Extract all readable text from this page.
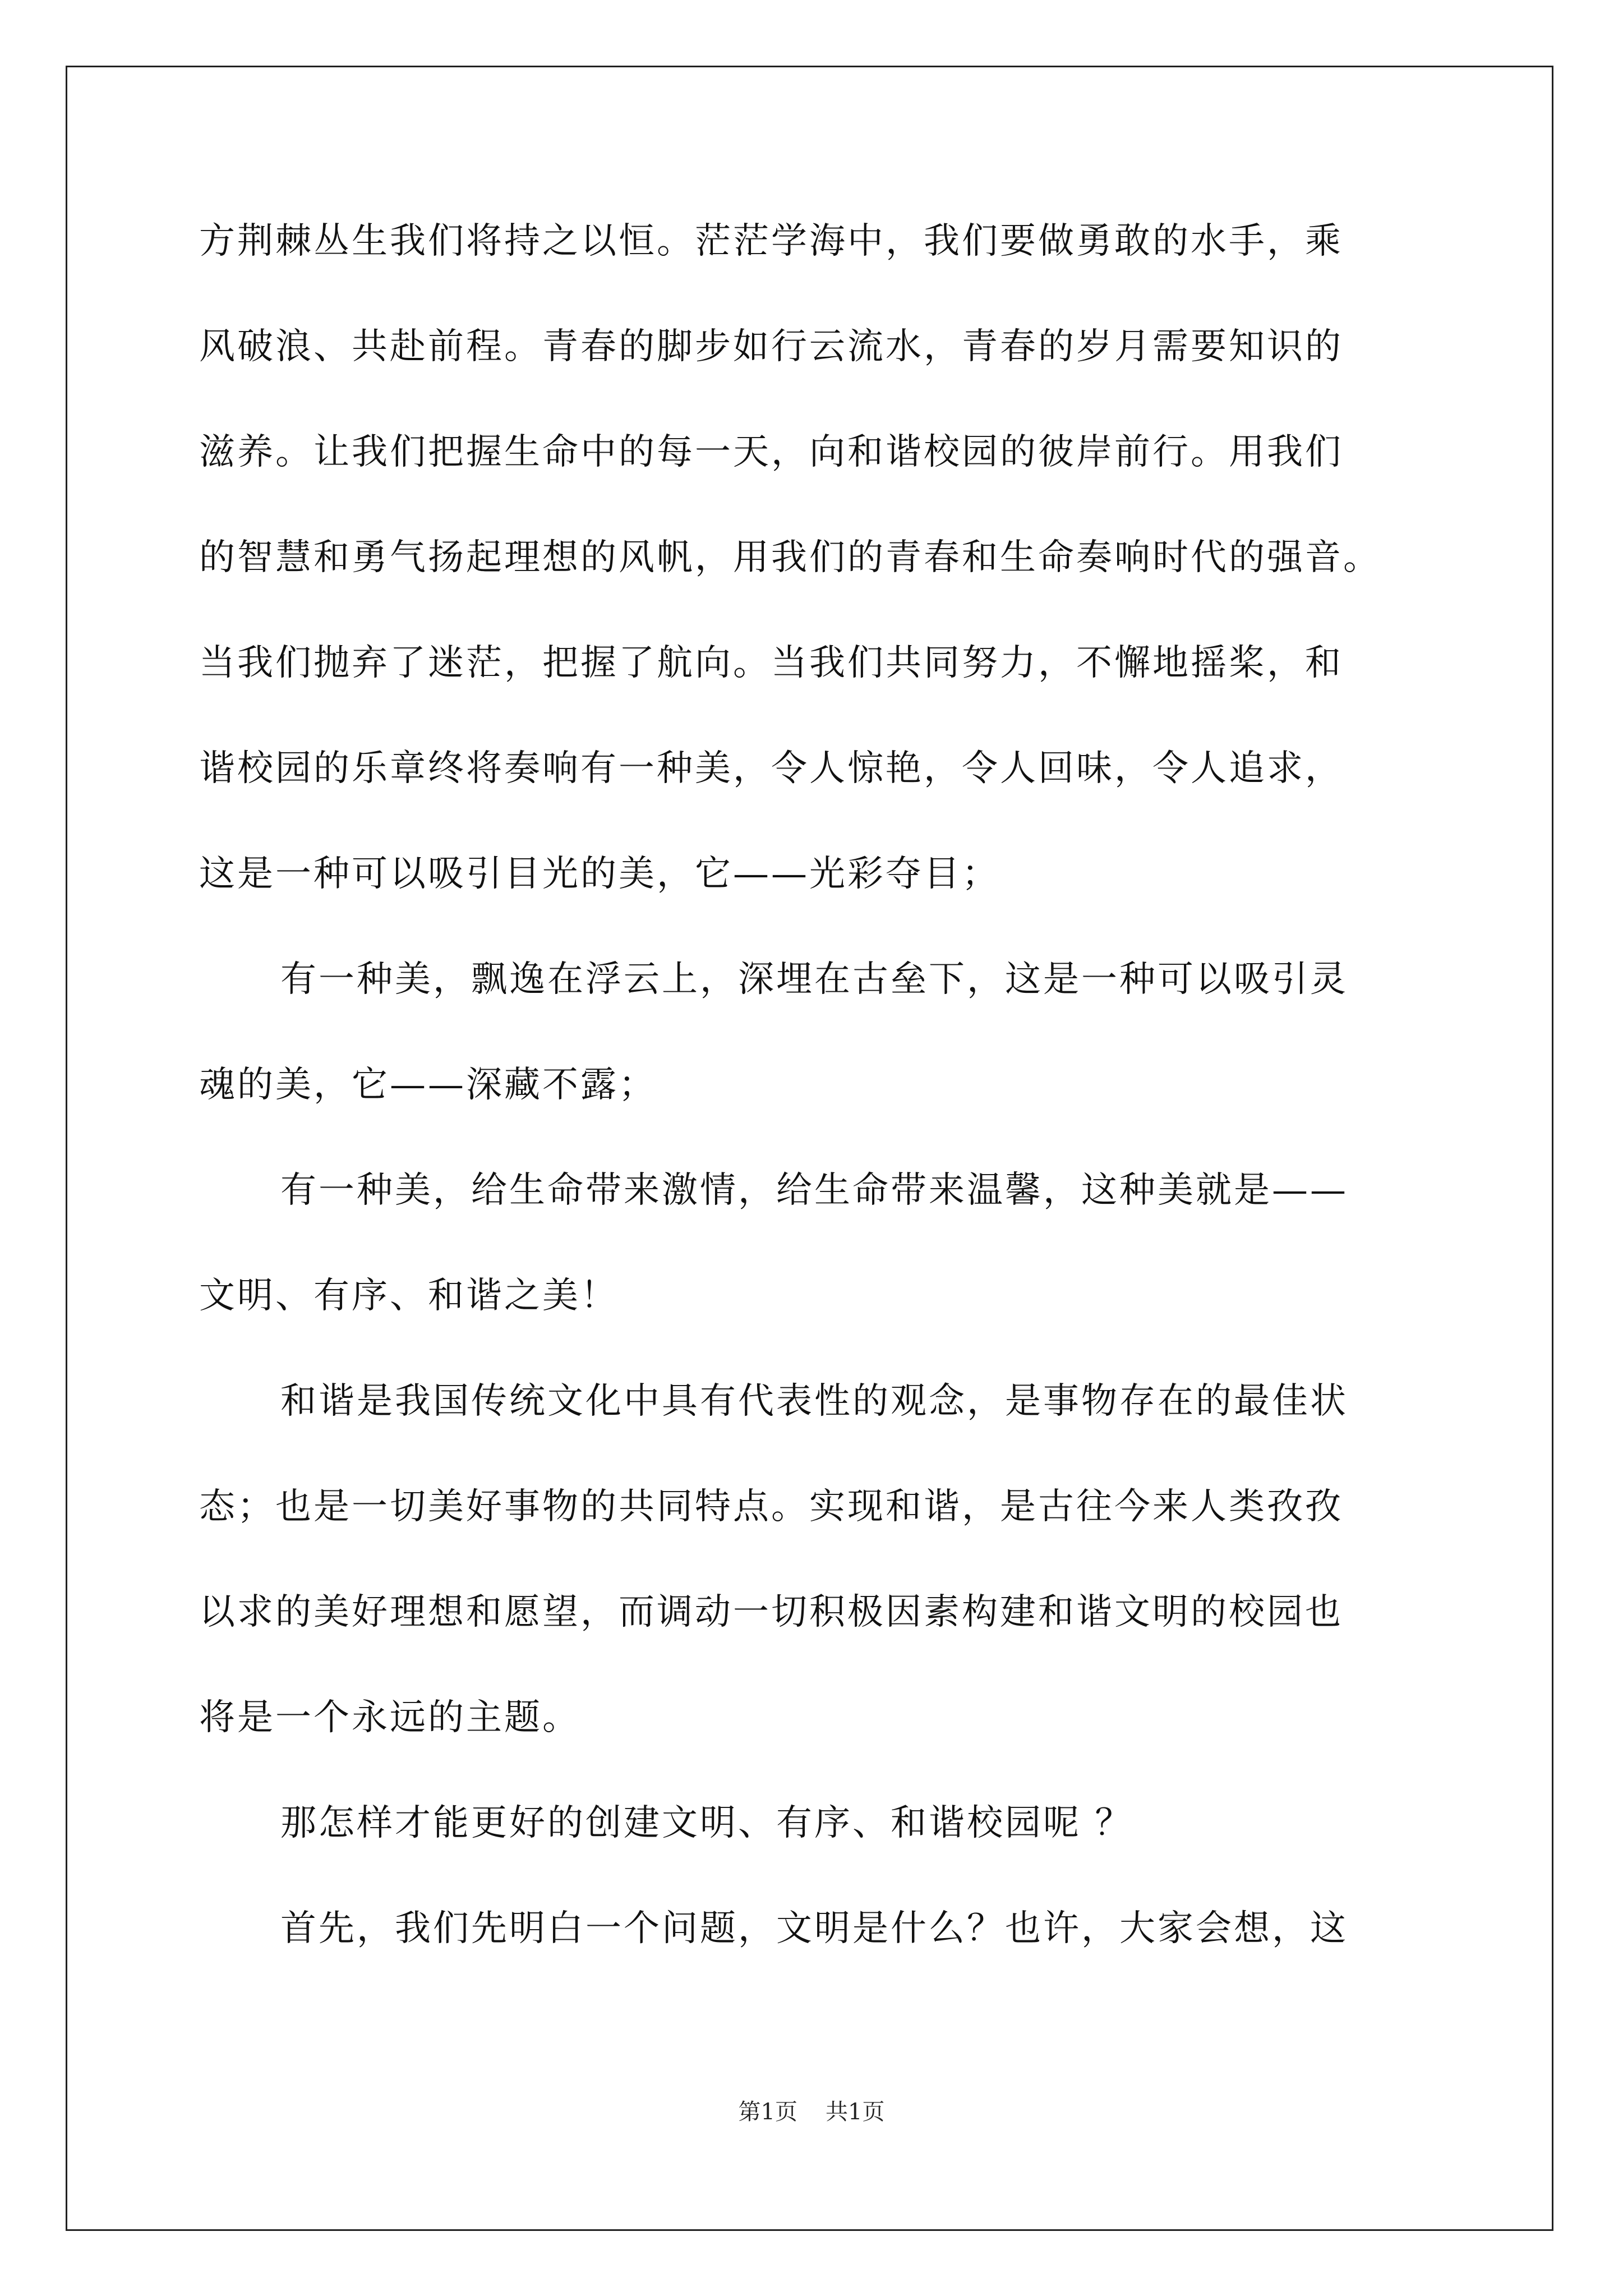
方荆棘丛生我们将持之以恒。茫茫学海中，我们要做勇敢的水手，乘
风破浪、共赴前程。青春的脚步如行云流水，青春的岁月需要知识的
滋养。让我们把握生命中的每一天，向和谐校园的彼岸前行。用我们
的智慧和勇气扬起理想的风帆，用我们的青春和生命奏响时代的强音。
当我们抛弃了迷茫，把握了航向。当我们共同努力，不懈地摇桨，和
谐校园的乐章终将奏响有一种美，令人惊艳，令人回味，令人追求，
这是一种可以吸引目光的美，它——光彩夺目；
有一种美，飘逸在浮云上，深埋在古垒下，这是一种可以吸引灵
魂的美，它——深藏不露；
有一种美，给生命带来激情，给生命带来温馨，这种美就是——
文明、有序、和谐之美！
和谐是我国传统文化中具有代表性的观念，是事物存在的最佳状
态；也是一切美好事物的共同特点。实现和谐，是古往今来人类孜孜
以求的美好理想和愿望，而调动一切积极因素构建和谐文明的校园也
将是一个永远的主题。
那怎样才能更好的创建文明、有序、和谐校园呢 ？
首先，我们先明白一个问题，文明是什么？也许，大家会想，这
第1页 共1页
